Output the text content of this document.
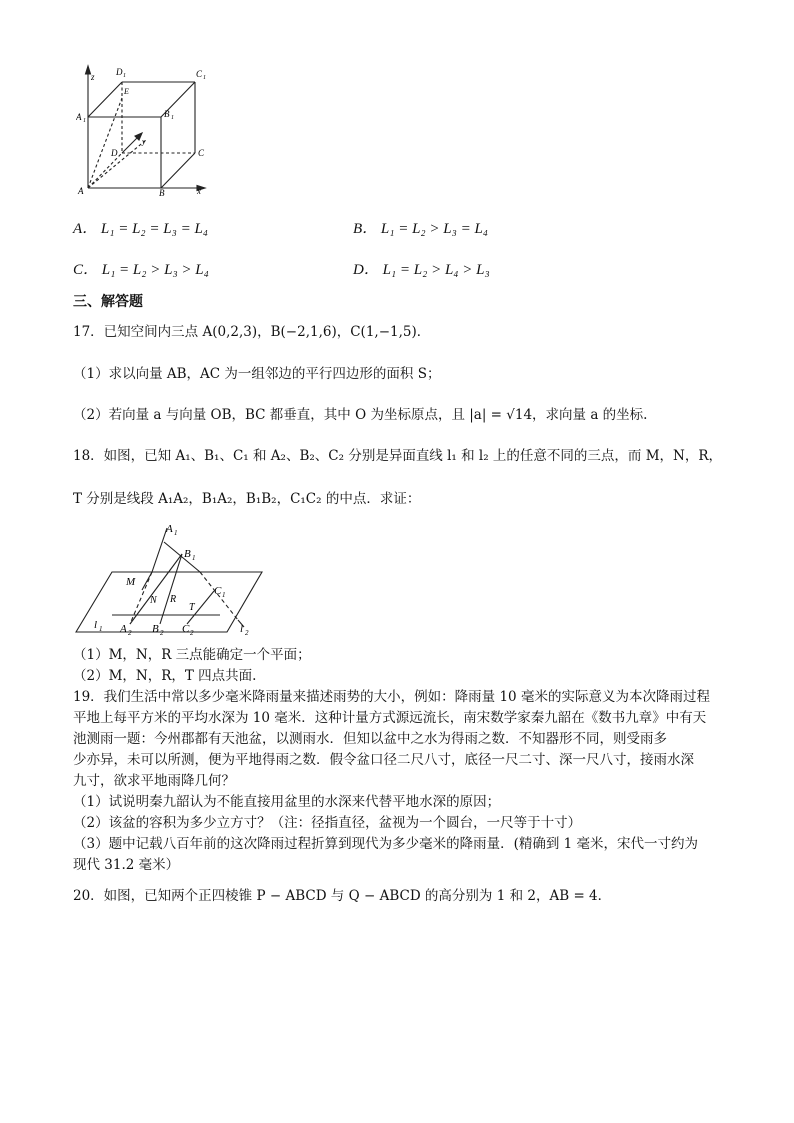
z D 1	C 1
E
A 1
B 1
y
D	C
A	B	x
A． L₁ = L₂ = L₃ = L₄	B． L₁ = L₂ > L₃ = L₄
C． L₁ = L₂ > L₃ > L₄	D． L₁ = L₂ > L₄ > L₃
三、解答题
17．已知空间内三点 A(0,2,3)，B(−2,1,6)，C(1,−1,5)．
（1）求以向量 AB，AC 为一组邻边的平行四边形的面积 S；
（2）若向量 a 与向量 OB，BC 都垂直，其中 O 为坐标原点，且 |a| = √14，求向量 a 的坐标.
18．如图，已知 A₁、B₁、C₁ 和 A₂、B₂、C₂ 分别是异面直线 l₁ 和 l₂ 上的任意不同的三点，而 M，N，R，
T 分别是线段 A₁A₂，B₁A₂，B₁B₂，C₁C₂ 的中点．求证：
A 1
B 1
C 1
M
N R
T
l 1 A 2 B 2 C 2	l 2
（1）M，N，R 三点能确定一个平面；
（2）M，N，R，T 四点共面.
19．我们生活中常以多少毫米降雨量来描述雨势的大小，例如：降雨量 10 毫米的实际意义为本次降雨过程
平地上每平方米的平均水深为 10 毫米．这种计量方式源远流长，南宋数学家秦九韶在《数书九章》中有天
池测雨一题：今州郡都有天池盆，以测雨水．但知以盆中之水为得雨之数．不知器形不同，则受雨多
少亦异，未可以所测，便为平地得雨之数．假令盆口径二尺八寸，底径一尺二寸、深一尺八寸，接雨水深
九寸，欲求平地雨降几何？
（1）试说明秦九韶认为不能直接用盆里的水深来代替平地水深的原因；
（2）该盆的容积为多少立方寸？（注：径指直径，盆视为一个圆台，一尺等于十寸）
（3）题中记载八百年前的这次降雨过程折算到现代为多少毫米的降雨量．(精确到 1 毫米，宋代一寸约为
现代 31.2 毫米）
20．如图，已知两个正四棱锥 P − ABCD 与 Q − ABCD 的高分别为 1 和 2，AB = 4．
